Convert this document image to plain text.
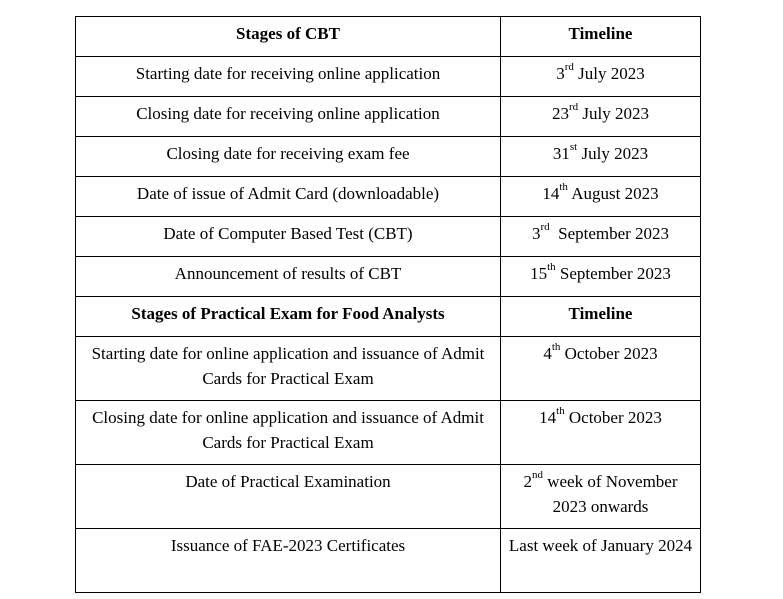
Stages of CBT	Timeline
Starting date for receiving online application	3rd July 2023
Closing date for receiving online application	23rd July 2023
Closing date for receiving exam fee	31st July 2023
Date of issue of Admit Card (downloadable)	14th August 2023
Date of Computer Based Test (CBT)	3rd  September 2023
Announcement of results of CBT	15th September 2023
Stages of Practical Exam for Food Analysts	Timeline
Starting date for online application and issuance of Admit Cards for Practical Exam	4th October 2023
Closing date for online application and issuance of Admit Cards for Practical Exam	14th October 2023
Date of Practical Examination	2nd week of November 2023 onwards
Issuance of FAE-2023 Certificates	Last week of January 2024
